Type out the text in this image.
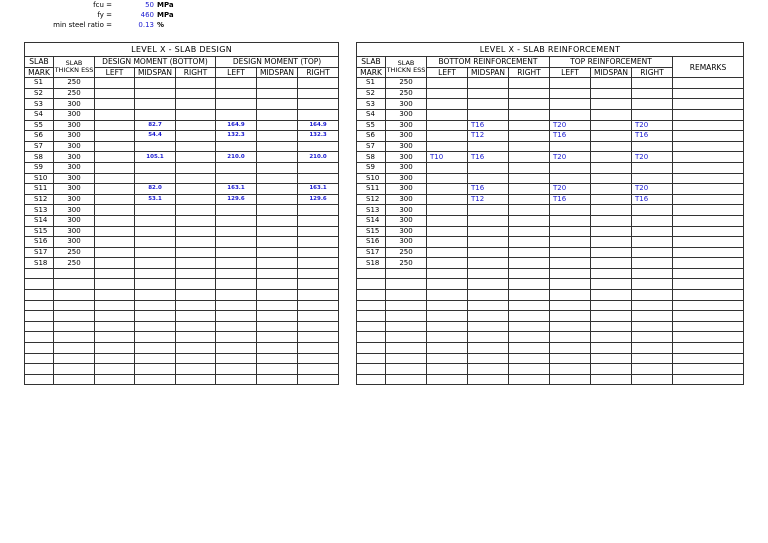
fcu =	50 MPa
fy =	460 MPa
min steel ratio =	0.13 %
LEVEL X - SLAB DESIGN							
SLAB	SLAB THICKN ESS	DESIGN MOMENT (BOTTOM)			DESIGN MOMENT (TOP)		
MARK		LEFT	MIDSPAN	RIGHT	LEFT	MIDSPAN	RIGHT
S1	250						
S2	250						
S3	300						
S4	300						
S5	300		82.7		164.9		164.9
S6	300		54.4		132.3		132.3
S7	300						
S8	300		105.1		210.0		210.0
S9	300						
S10	300						
S11	300		82.0		163.1		163.1
S12	300		53.1		129.6		129.6
S13	300						
S14	300						
S15	300						
S16	300						
S17	250						
S18	250						

LEVEL X - SLAB REINFORCEMENT								
SLAB	SLAB THICKN ESS	BOTTOM REINFORCEMENT			TOP REINFORCEMENT			REMARKS
MARK		LEFT	MIDSPAN	RIGHT	LEFT	MIDSPAN	RIGHT	
S1	250							
S2	250							
S3	300							
S4	300							
S5	300		T16		T20		T20	
S6	300		T12		T16		T16	
S7	300							
S8	300	T10	T16		T20		T20	
S9	300							
S10	300							
S11	300		T16		T20		T20	
S12	300		T12		T16		T16	
S13	300							
S14	300							
S15	300							
S16	300							
S17	250							
S18	250							
